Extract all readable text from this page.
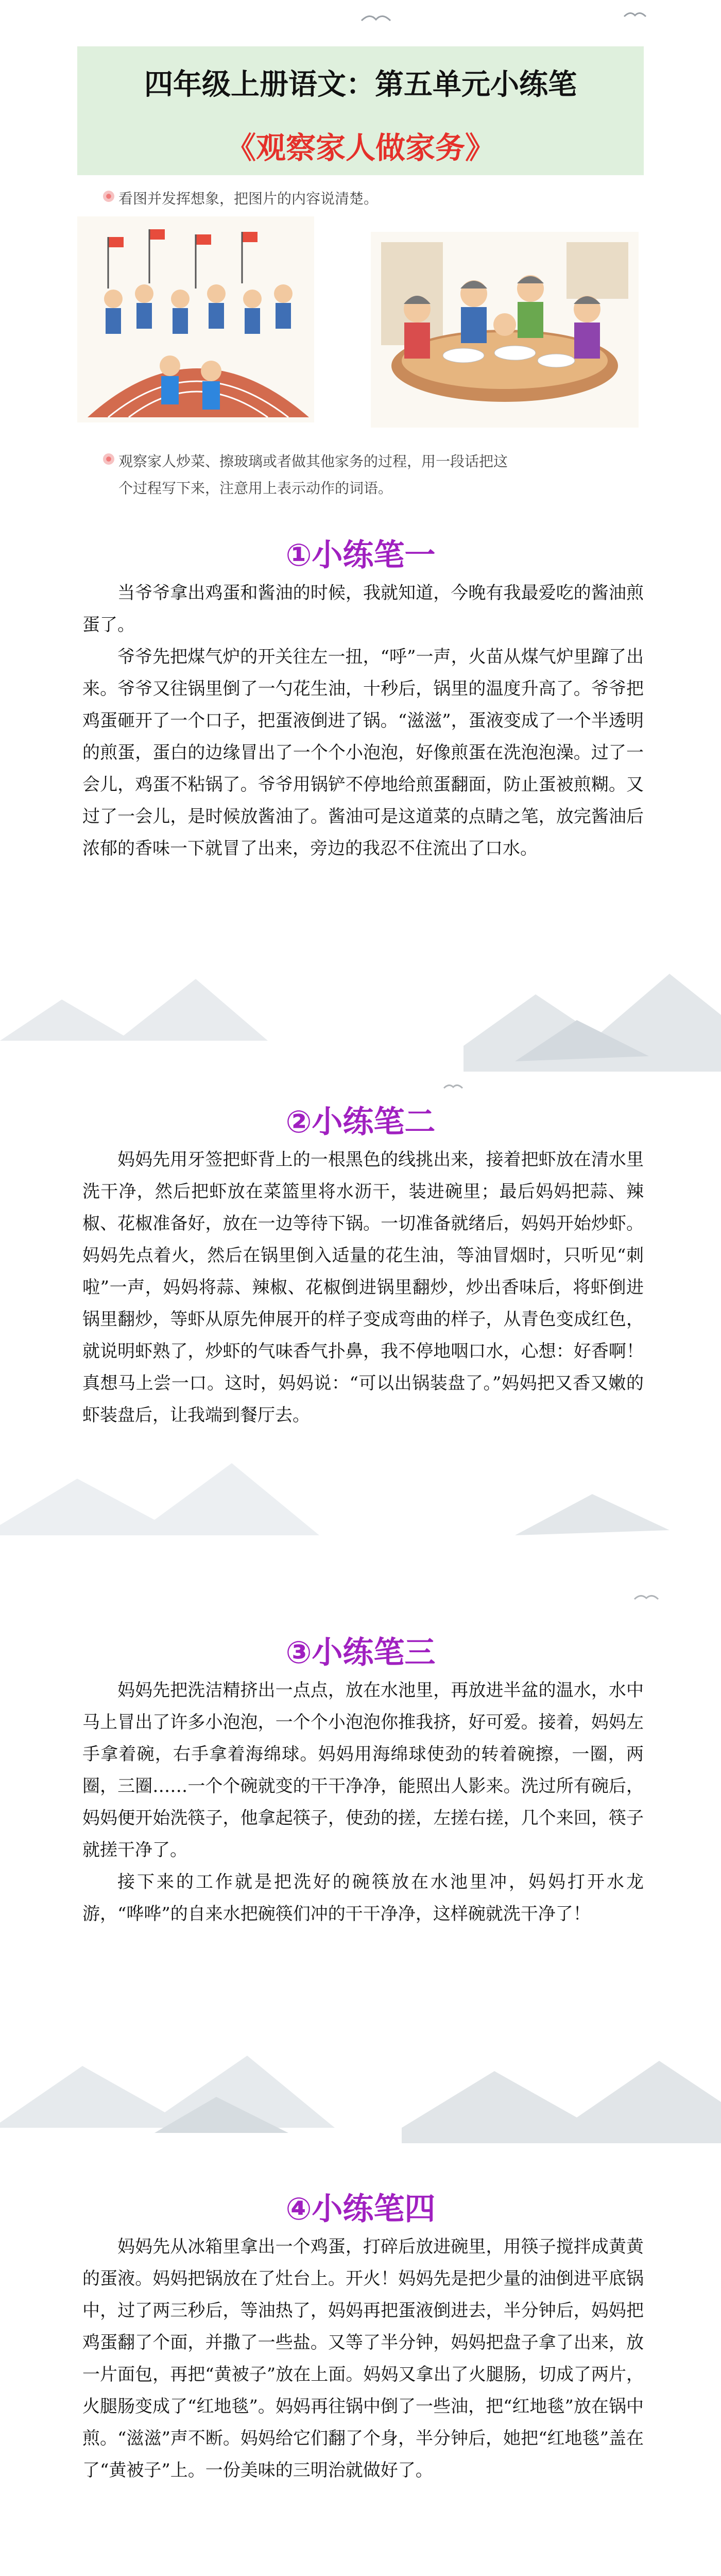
四年级上册语文：第五单元小练笔
《观察家人做家务》

看图并发挥想象，把图片的内容说清楚。

观察家人炒菜、擦玻璃或者做其他家务的过程，用一段话把这

个过程写下来，注意用上表示动作的词语。

①小练笔一

当爷爷拿出鸡蛋和酱油的时候，我就知道，今晚有我最爱吃的酱油煎蛋了。

爷爷先把煤气炉的开关往左一扭，“呼”一声，火苗从煤气炉里蹿了出来。爷爷又往锅里倒了一勺花生油，十秒后，锅里的温度升高了。爷爷把鸡蛋砸开了一个口子，把蛋液倒进了锅。“滋滋”，蛋液变成了一个半透明的煎蛋，蛋白的边缘冒出了一个个小泡泡，好像煎蛋在洗泡泡澡。过了一会儿，鸡蛋不粘锅了。爷爷用锅铲不停地给煎蛋翻面，防止蛋被煎糊。又过了一会儿，是时候放酱油了。酱油可是这道菜的点睛之笔，放完酱油后浓郁的香味一下就冒了出来，旁边的我忍不住流出了口水。

②小练笔二

妈妈先用牙签把虾背上的一根黑色的线挑出来，接着把虾放在清水里洗干净，然后把虾放在菜篮里将水沥干，装进碗里；最后妈妈把蒜、辣椒、花椒准备好，放在一边等待下锅。一切准备就绪后，妈妈开始炒虾。妈妈先点着火，然后在锅里倒入适量的花生油，等油冒烟时，只听见“刺啦”一声，妈妈将蒜、辣椒、花椒倒进锅里翻炒，炒出香味后，将虾倒进锅里翻炒，等虾从原先伸展开的样子变成弯曲的样子，从青色变成红色，就说明虾熟了，炒虾的气味香气扑鼻，我不停地咽口水，心想：好香啊！真想马上尝一口。这时，妈妈说：“可以出锅装盘了。”妈妈把又香又嫩的虾装盘后，让我端到餐厅去。

③小练笔三

妈妈先把洗洁精挤出一点点，放在水池里，再放进半盆的温水，水中马上冒出了许多小泡泡，一个个小泡泡你推我挤，好可爱。接着，妈妈左手拿着碗，右手拿着海绵球。妈妈用海绵球使劲的转着碗擦，一圈，两圈，三圈……一个个碗就变的干干净净，能照出人影来。洗过所有碗后，妈妈便开始洗筷子，他拿起筷子，使劲的搓，左搓右搓，几个来回，筷子就搓干净了。

接下来的工作就是把洗好的碗筷放在水池里冲，妈妈打开水龙游，“哗哗”的自来水把碗筷们冲的干干净净，这样碗就洗干净了！

④小练笔四

妈妈先从冰箱里拿出一个鸡蛋，打碎后放进碗里，用筷子搅拌成黄黄的蛋液。妈妈把锅放在了灶台上。开火！妈妈先是把少量的油倒进平底锅中，过了两三秒后，等油热了，妈妈再把蛋液倒进去，半分钟后，妈妈把鸡蛋翻了个面，并撒了一些盐。又等了半分钟，妈妈把盘子拿了出来，放一片面包，再把“黄被子”放在上面。妈妈又拿出了火腿肠，切成了两片，火腿肠变成了“红地毯”。妈妈再往锅中倒了一些油，把“红地毯”放在锅中煎。“滋滋”声不断。妈妈给它们翻了个身，半分钟后，她把“红地毯”盖在了“黄被子”上。一份美味的三明治就做好了。
